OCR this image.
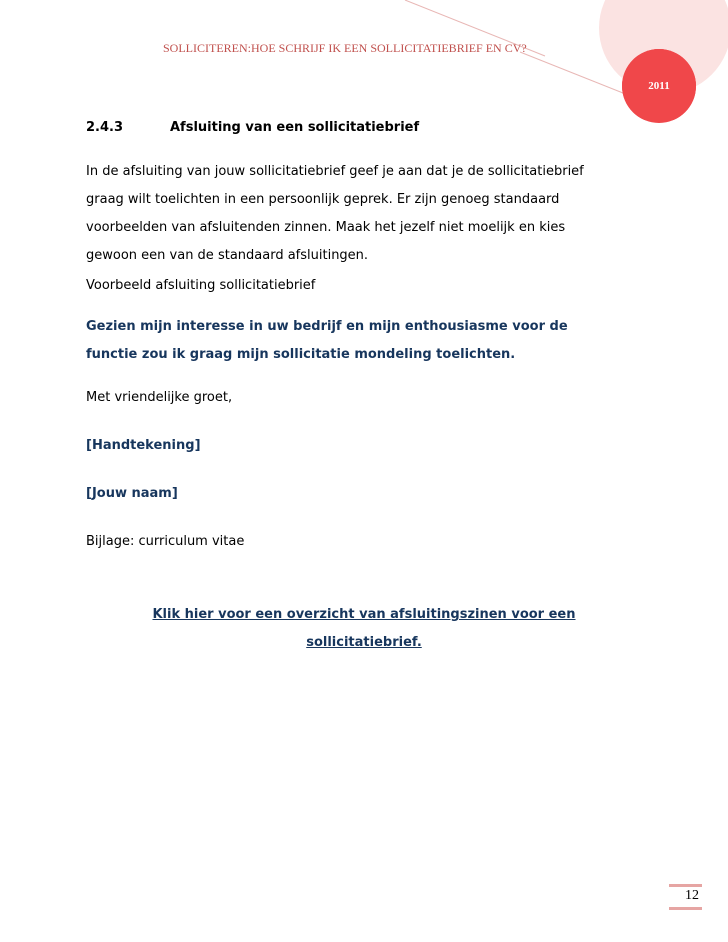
SOLLICITEREN:HOE SCHRIJF IK EEN SOLLICITATIEBRIEF EN CV?
2011
2.4.3	Afsluiting van een sollicitatiebrief
In de afsluiting van jouw sollicitatiebrief geef je aan dat je de sollicitatiebrief
graag wilt toelichten in een persoonlijk geprek. Er zijn genoeg standaard
voorbeelden van afsluitenden zinnen. Maak het jezelf niet moelijk en kies
gewoon een van de standaard afsluitingen.
Voorbeeld afsluiting sollicitatiebrief
Gezien mijn interesse in uw bedrijf en mijn enthousiasme voor de
functie zou ik graag mijn sollicitatie mondeling toelichten.
Met vriendelijke groet,
[Handtekening]
[Jouw naam]
Bijlage: curriculum vitae
Klik hier voor een overzicht van afsluitingszinen voor een
sollicitatiebrief.
12
